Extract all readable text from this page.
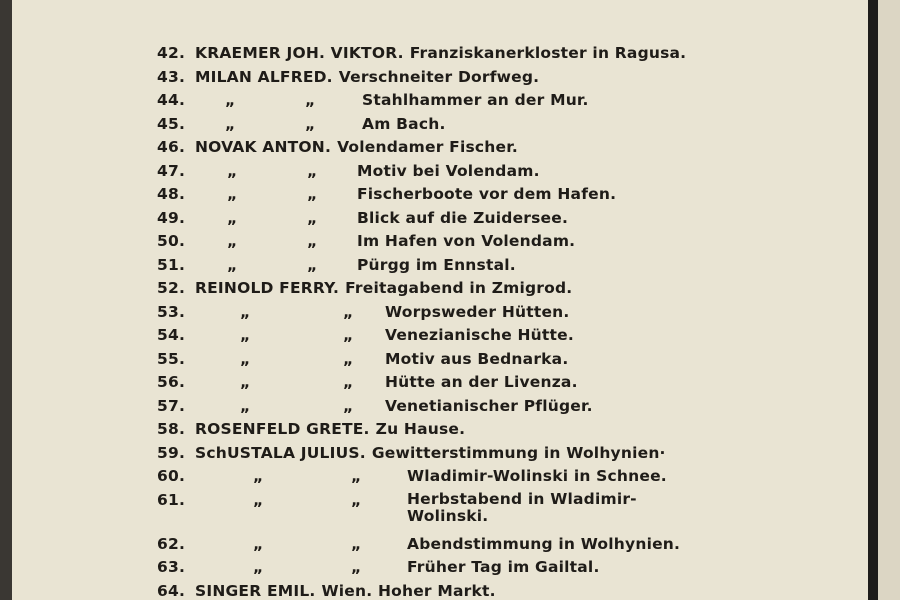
42. KRAEMER JOH. VIKTOR. Franziskanerkloster in Ragusa.
43. MILAN ALFRED. Verschneiter Dorfweg.
44.	„	„	Stahlhammer an der Mur.
45.	„	„	Am Bach.
46. NOVAK ANTON. Volendamer Fischer.
47.	„	„	Motiv bei Volendam.
48.	„	„	Fischerboote vor dem Hafen.
49.	„	„	Blick auf die Zuidersee.
50.	„	„	Im Hafen von Volendam.
51.	„	„	Pürgg im Ennstal.
52. REINOLD FERRY. Freitagabend in Zmigrod.
53.	„	„ Worpsweder Hütten.
54.	„	„ Venezianische Hütte.
55.	„	„ Motiv aus Bednarka.
56.	„	„ Hütte an der Livenza.
57.	„	„ Venetianischer Pflüger.
58. ROSENFELD GRETE. Zu Hause.
59. SchUSTALA JULIUS. Gewitterstimmung in Wolhynien·
60.	„	„	Wladimir-Wolinski in Schnee.
61.	„	„	Herbstabend in Wladimir-Wolinski.
62.	„	„	Abendstimmung in Wolhynien.
63.	„	„	Früher Tag im Gailtal.
64. SINGER EMIL. Wien. Hoher Markt.
